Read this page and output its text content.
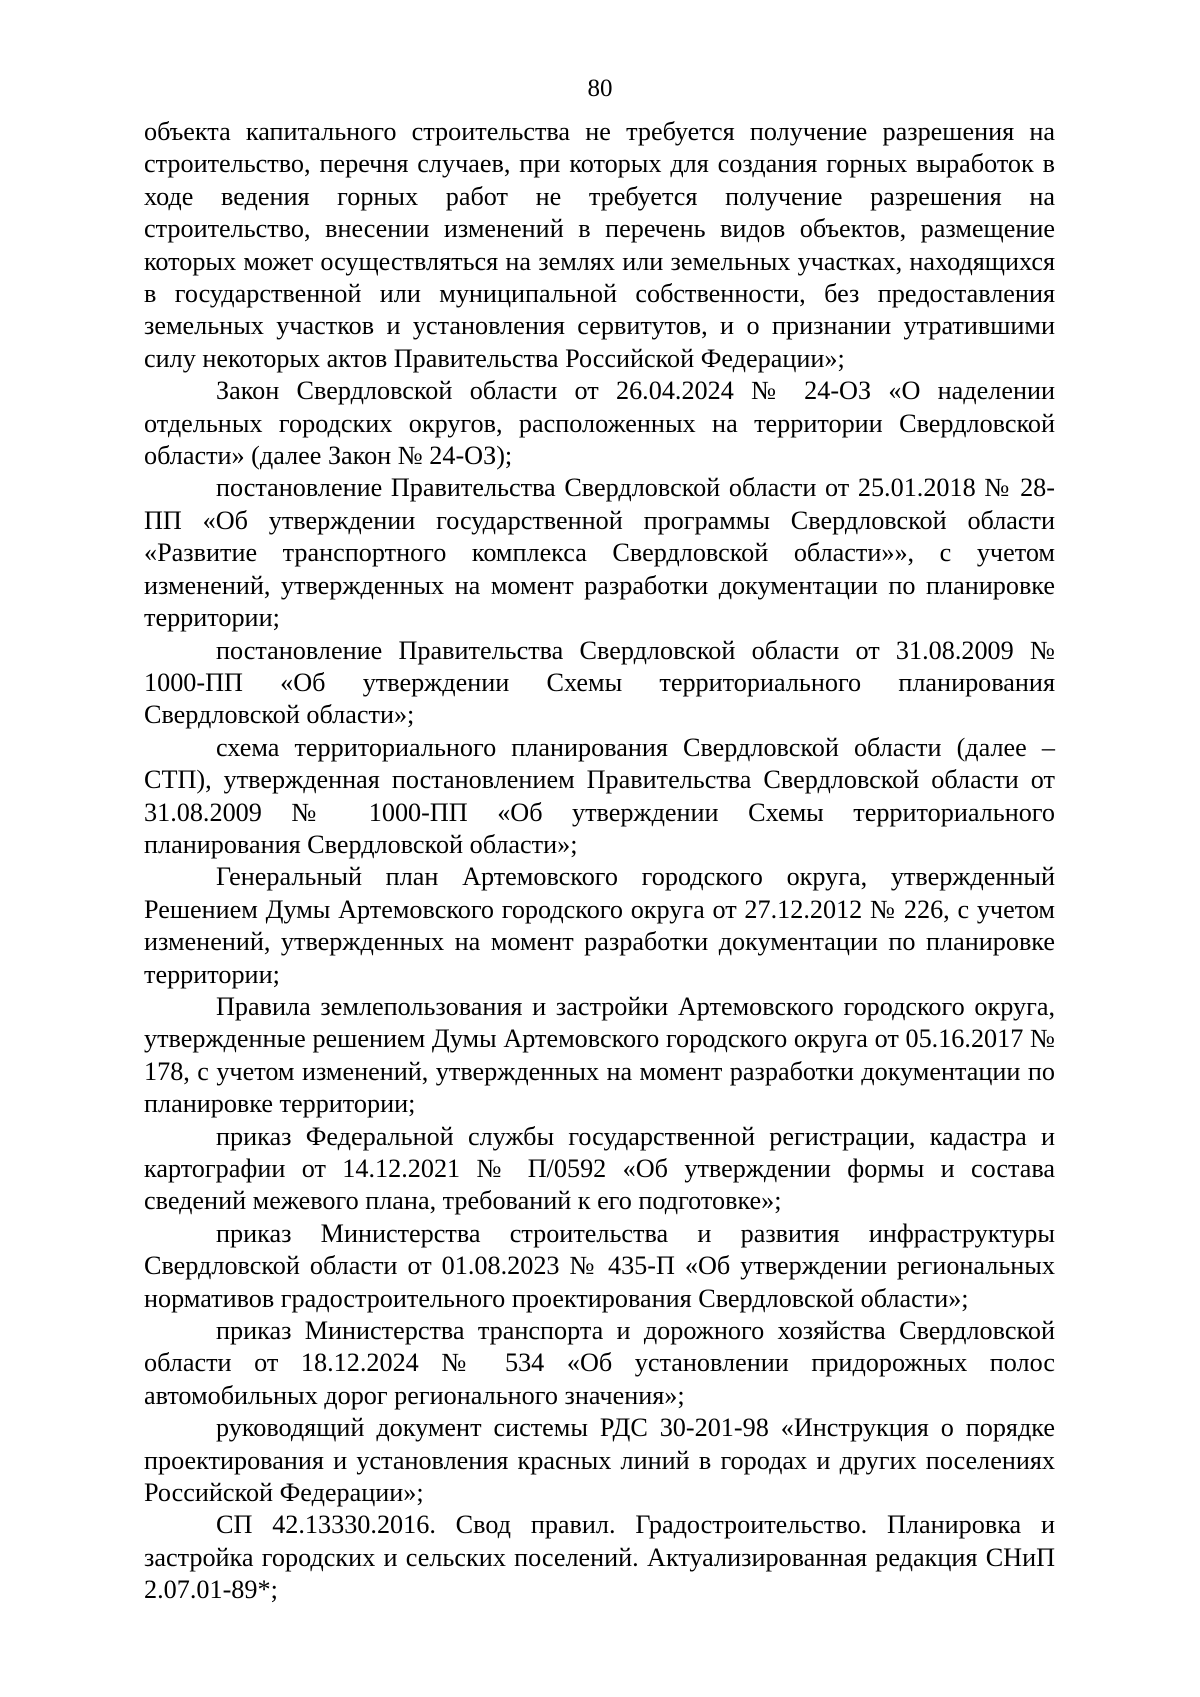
80

объекта капитального строительства не требуется получение разрешения на строительство, перечня случаев, при которых для создания горных выработок в ходе ведения горных работ не требуется получение разрешения на строительство, внесении изменений в перечень видов объектов, размещение которых может осуществляться на землях или земельных участках, находящихся в государственной или муниципальной собственности, без предоставления земельных участков и установления сервитутов, и о признании утратившими силу некоторых актов Правительства Российской Федерации»;

Закон Свердловской области от 26.04.2024 № 24-ОЗ «О наделении отдельных городских округов, расположенных на территории Свердловской области» (далее Закон № 24-ОЗ);

постановление Правительства Свердловской области от 25.01.2018 № 28-ПП «Об утверждении государственной программы Свердловской области «Развитие транспортного комплекса Свердловской области»», с учетом изменений, утвержденных на момент разработки документации по планировке территории;

постановление Правительства Свердловской области от 31.08.2009 № 1000-ПП «Об утверждении Схемы территориального планирования Свердловской области»;

схема территориального планирования Свердловской области (далее – СТП), утвержденная постановлением Правительства Свердловской области от 31.08.2009 № 1000-ПП «Об утверждении Схемы территориального планирования Свердловской области»;

Генеральный план Артемовского городского округа, утвержденный Решением Думы Артемовского городского округа от 27.12.2012 № 226, с учетом изменений, утвержденных на момент разработки документации по планировке территории;

Правила землепользования и застройки Артемовского городского округа, утвержденные решением Думы Артемовского городского округа от 05.16.2017 № 178, с учетом изменений, утвержденных на момент разработки документации по планировке территории;

приказ Федеральной службы государственной регистрации, кадастра и картографии от 14.12.2021 № П/0592 «Об утверждении формы и состава сведений межевого плана, требований к его подготовке»;

приказ Министерства строительства и развития инфраструктуры Свердловской области от 01.08.2023 № 435-П «Об утверждении региональных нормативов градостроительного проектирования Свердловской области»;

приказ Министерства транспорта и дорожного хозяйства Свердловской области от 18.12.2024 № 534 «Об установлении придорожных полос автомобильных дорог регионального значения»;

руководящий документ системы РДС 30-201-98 «Инструкция о порядке проектирования и установления красных линий в городах и других поселениях Российской Федерации»;

СП 42.13330.2016. Свод правил. Градостроительство. Планировка и застройка городских и сельских поселений. Актуализированная редакция СНиП 2.07.01-89*;
